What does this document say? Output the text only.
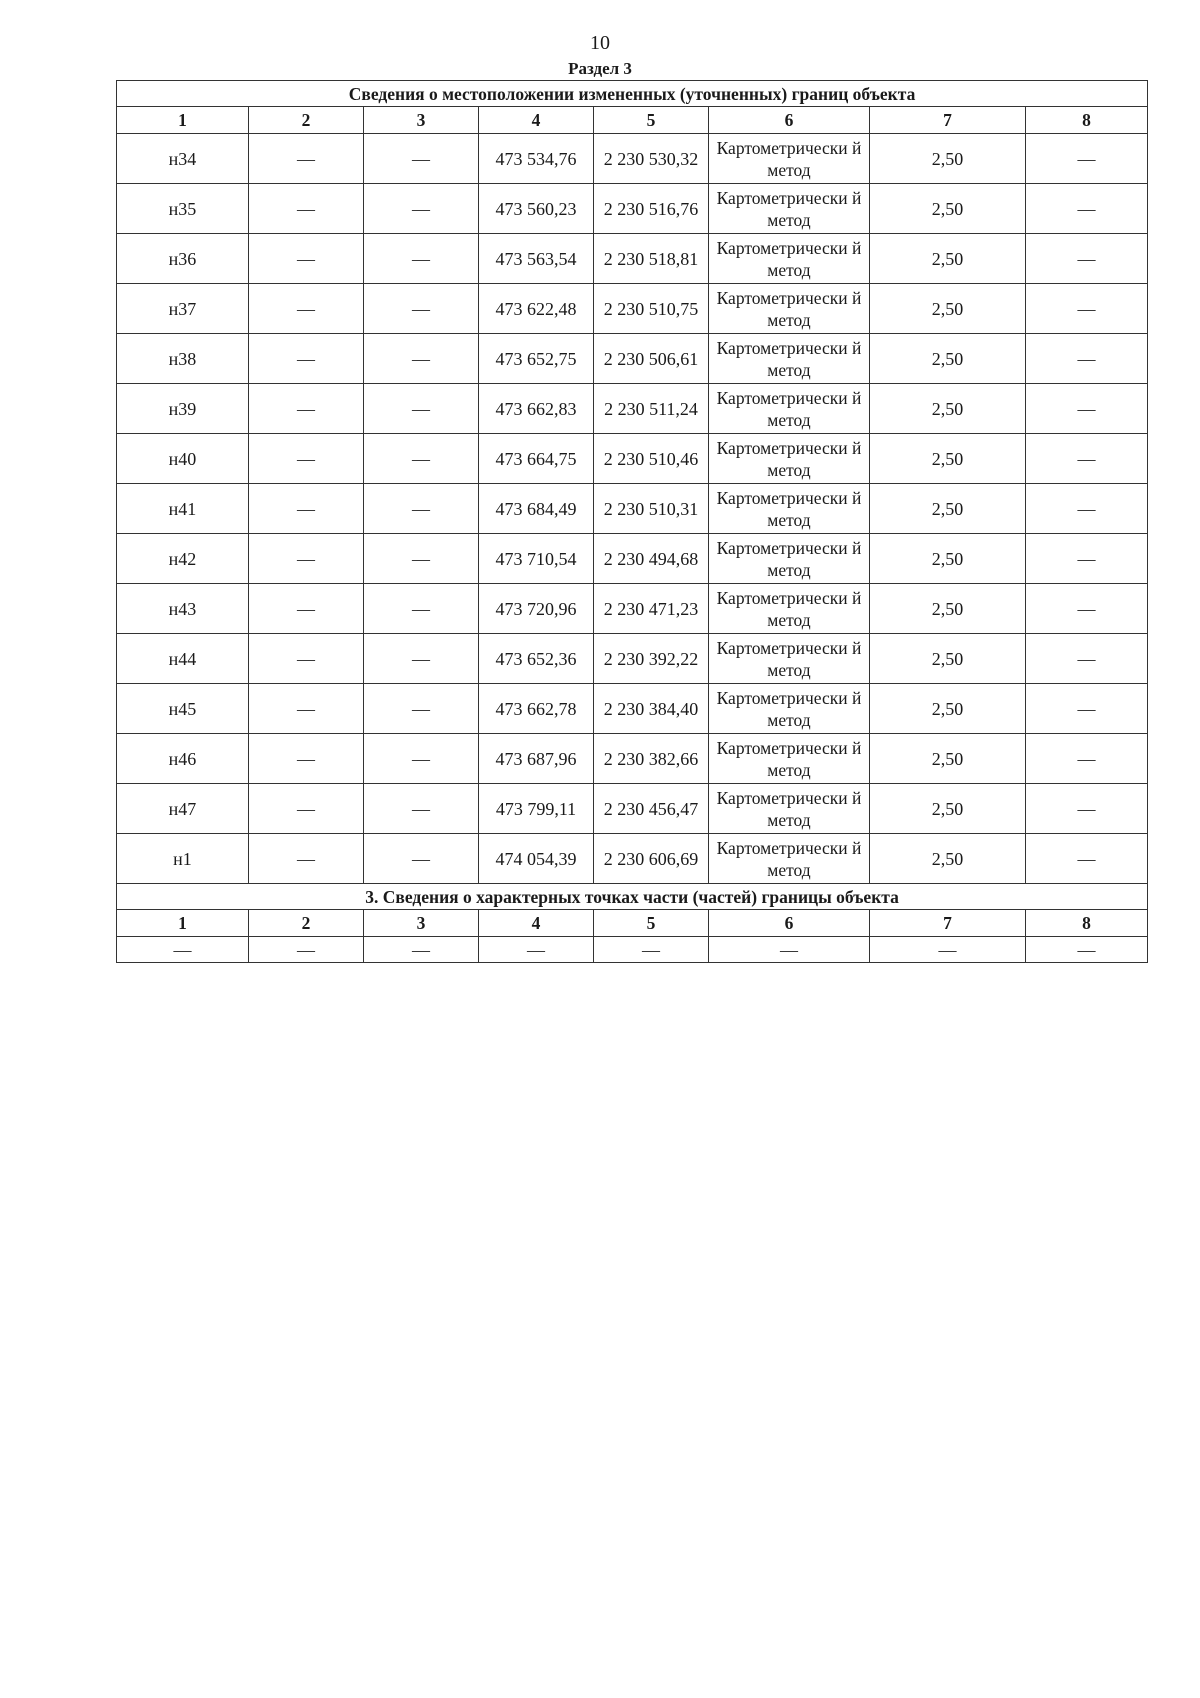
10
Раздел 3
Сведения о местоположении измененных (уточненных) границ объекта							
1	2	3	4	5	6	7	8
н34	—	—	473 534,76	2 230 530,32	Картометрически й метод	2,50	—
н35	—	—	473 560,23	2 230 516,76	Картометрически й метод	2,50	—
н36	—	—	473 563,54	2 230 518,81	Картометрически й метод	2,50	—
н37	—	—	473 622,48	2 230 510,75	Картометрически й метод	2,50	—
н38	—	—	473 652,75	2 230 506,61	Картометрически й метод	2,50	—
н39	—	—	473 662,83	2 230 511,24	Картометрически й метод	2,50	—
н40	—	—	473 664,75	2 230 510,46	Картометрически й метод	2,50	—
н41	—	—	473 684,49	2 230 510,31	Картометрически й метод	2,50	—
н42	—	—	473 710,54	2 230 494,68	Картометрически й метод	2,50	—
н43	—	—	473 720,96	2 230 471,23	Картометрически й метод	2,50	—
н44	—	—	473 652,36	2 230 392,22	Картометрически й метод	2,50	—
н45	—	—	473 662,78	2 230 384,40	Картометрически й метод	2,50	—
н46	—	—	473 687,96	2 230 382,66	Картометрически й метод	2,50	—
н47	—	—	473 799,11	2 230 456,47	Картометрически й метод	2,50	—
н1	—	—	474 054,39	2 230 606,69	Картометрически й метод	2,50	—
3. Сведения о характерных точках части (частей) границы объекта							
1	2	3	4	5	6	7	8
—	—	—	—	—	—	—	—
